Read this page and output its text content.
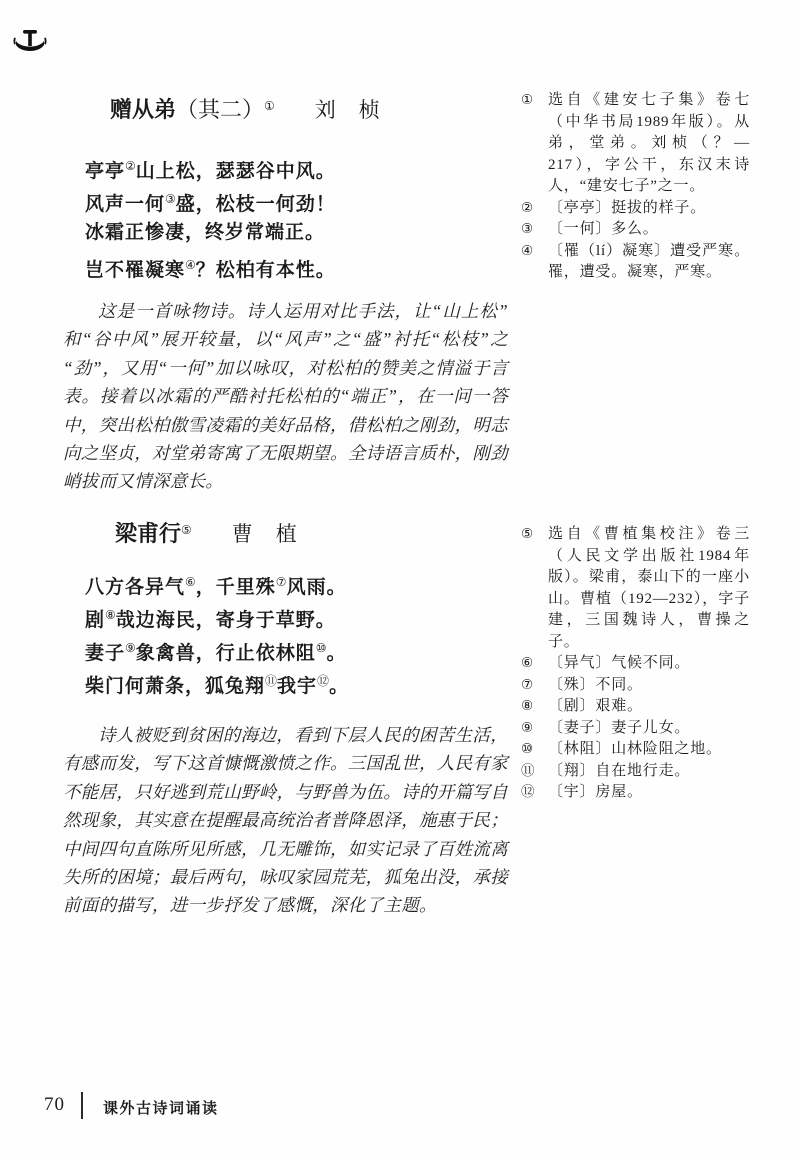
赠从弟（其二）① 刘　桢
亭亭②山上松，瑟瑟谷中风。
风声一何③盛，松枝一何劲！
冰霜正惨凄，终岁常端正。
岂不罹凝寒④？松柏有本性。

这是一首咏物诗。诗人运用对比手法，让“山上松”和“谷中风”展开较量，以“风声”之“盛”衬托“松枝”之“劲”，又用“一何”加以咏叹，对松柏的赞美之情溢于言表。接着以冰霜的严酷衬托松柏的“端正”，在一问一答中，突出松柏傲雪凌霜的美好品格，借松柏之刚劲，明志向之坚贞，对堂弟寄寓了无限期望。全诗语言质朴，刚劲峭拔而又情深意长。

梁甫行⑤ 曹　植
八方各异气⑥，千里殊⑦风雨。
剧⑧哉边海民，寄身于草野。
妻子⑨象禽兽，行止依林阻⑩。
柴门何萧条，狐兔翔⑪我宇⑫。

诗人被贬到贫困的海边，看到下层人民的困苦生活，有感而发，写下这首慷慨激愤之作。三国乱世，人民有家不能居，只好逃到荒山野岭，与野兽为伍。诗的开篇写自然现象，其实意在提醒最高统治者普降恩泽，施惠于民；中间四句直陈所见所感，几无雕饰，如实记录了百姓流离失所的困境；最后两句，咏叹家园荒芜，狐兔出没，承接前面的描写，进一步抒发了感慨，深化了主题。

① 选自《建安七子集》卷七（中华书局1989年版）。从弟，堂弟。刘桢（？—217），字公干，东汉末诗人，“建安七子”之一。
② 〔亭亭〕挺拔的样子。
③ 〔一何〕多么。
④ 〔罹（lí）凝寒〕遭受严寒。罹，遭受。凝寒，严寒。
⑤ 选自《曹植集校注》卷三（人民文学出版社1984年版）。梁甫，泰山下的一座小山。曹植（192—232），字子建，三国魏诗人，曹操之子。
⑥ 〔异气〕气候不同。
⑦ 〔殊〕不同。
⑧ 〔剧〕艰难。
⑨ 〔妻子〕妻子儿女。
⑩ 〔林阻〕山林险阻之地。
⑪ 〔翔〕自在地行走。
⑫ 〔宇〕房屋。
70	课外古诗词诵读
